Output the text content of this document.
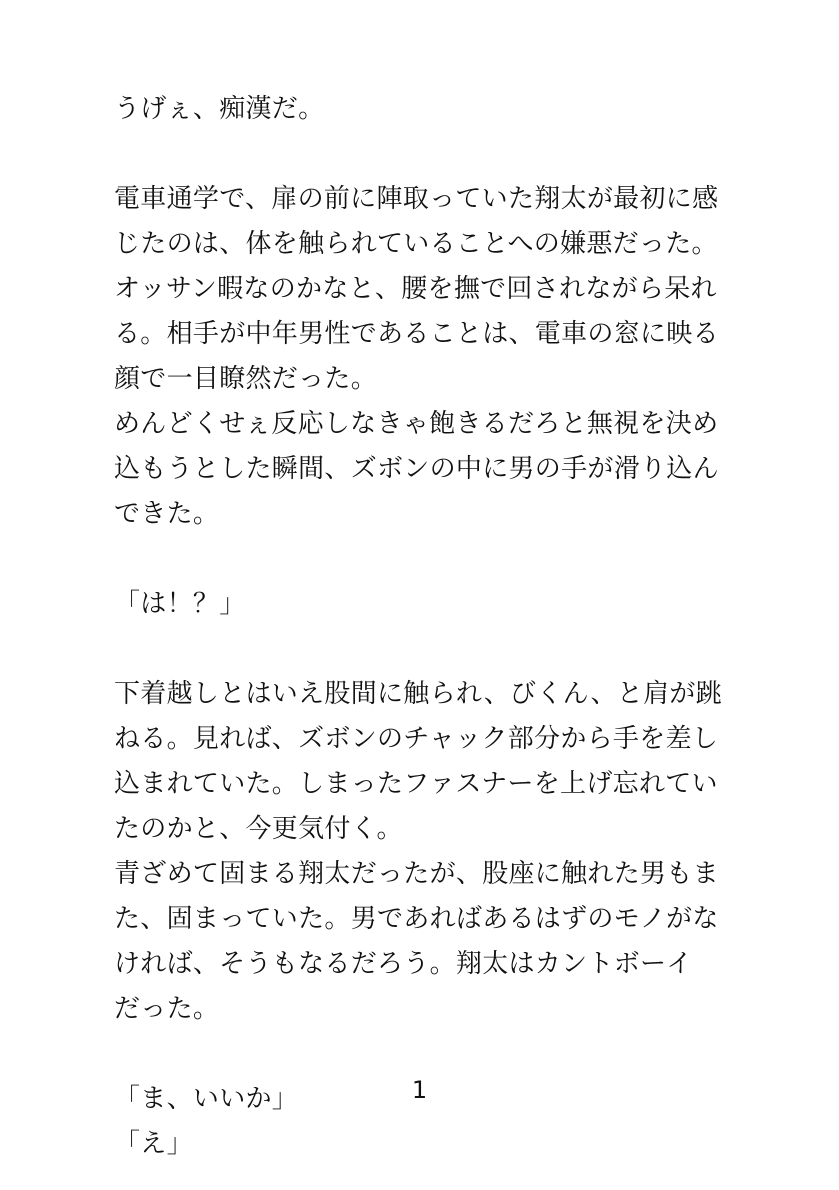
うげぇ、痴漢だ。
電車通学で、扉の前に陣取っていた翔太が最初に感
じたのは、体を触られていることへの嫌悪だった。
オッサン暇なのかなと、腰を撫で回されながら呆れ
る。相手が中年男性であることは、電車の窓に映る
顔で一目瞭然だった。
めんどくせぇ反応しなきゃ飽きるだろと無視を決め
込もうとした瞬間、ズボンの中に男の手が滑り込ん
できた。
「は！？」
下着越しとはいえ股間に触られ、びくん、と肩が跳
ねる。見れば、ズボンのチャック部分から手を差し
込まれていた。しまったファスナーを上げ忘れてい
たのかと、今更気付く。
青ざめて固まる翔太だったが、股座に触れた男もま
た、固まっていた。男であればあるはずのモノがな
ければ、そうもなるだろう。翔太はカントボーイ
だった。
「ま、いいか」
「え」
1
